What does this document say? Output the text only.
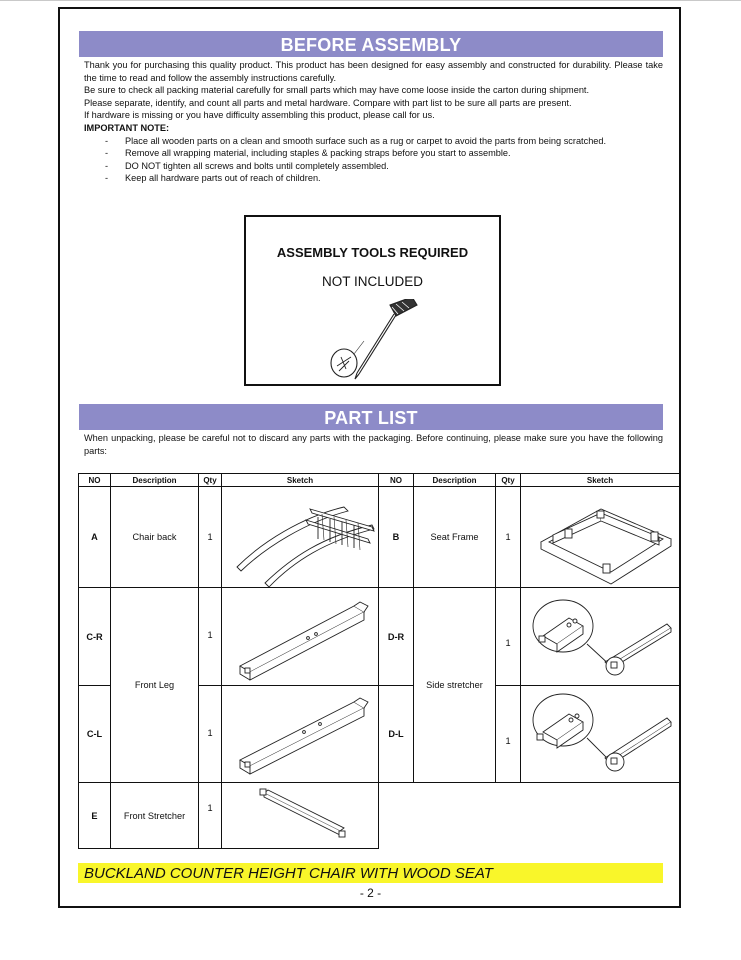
BEFORE ASSEMBLY

Thank you for purchasing this quality product. This product has been designed for easy assembly and constructed for durability. Please take the time to read and follow the assembly instructions carefully.

Be sure to check all packing material carefully for small parts which may have come loose inside the carton during shipment.

Please separate, identify, and count all parts and metal hardware. Compare with part list to be sure all parts are present.

If hardware is missing or you have difficulty assembling this product, please call for us.

IMPORTANT NOTE:

- Place all wooden parts on a clean and smooth surface such as a rug or carpet to avoid the parts from being scratched.
- Remove all wrapping material, including staples & packing straps before you start to assemble.
- DO NOT tighten all screws and bolts until completely assembled.
- Keep all hardware parts out of reach of children.
ASSEMBLY TOOLS REQUIRED
NOT INCLUDED
PART LIST

When unpacking, please be careful not to discard any parts with the packaging. Before continuing, please make sure you have the following parts:

NO	Description	Qty	Sketch	NO	Description	Qty	Sketch
A	Chair back	1		B	Seat Frame	1	

C-R	Front Leg	1		D-R	Side stretcher	1

C-L		1		D-L		1

E	Front Stretcher	1

BUCKLAND COUNTER HEIGHT CHAIR WITH WOOD SEAT
- 2 -
